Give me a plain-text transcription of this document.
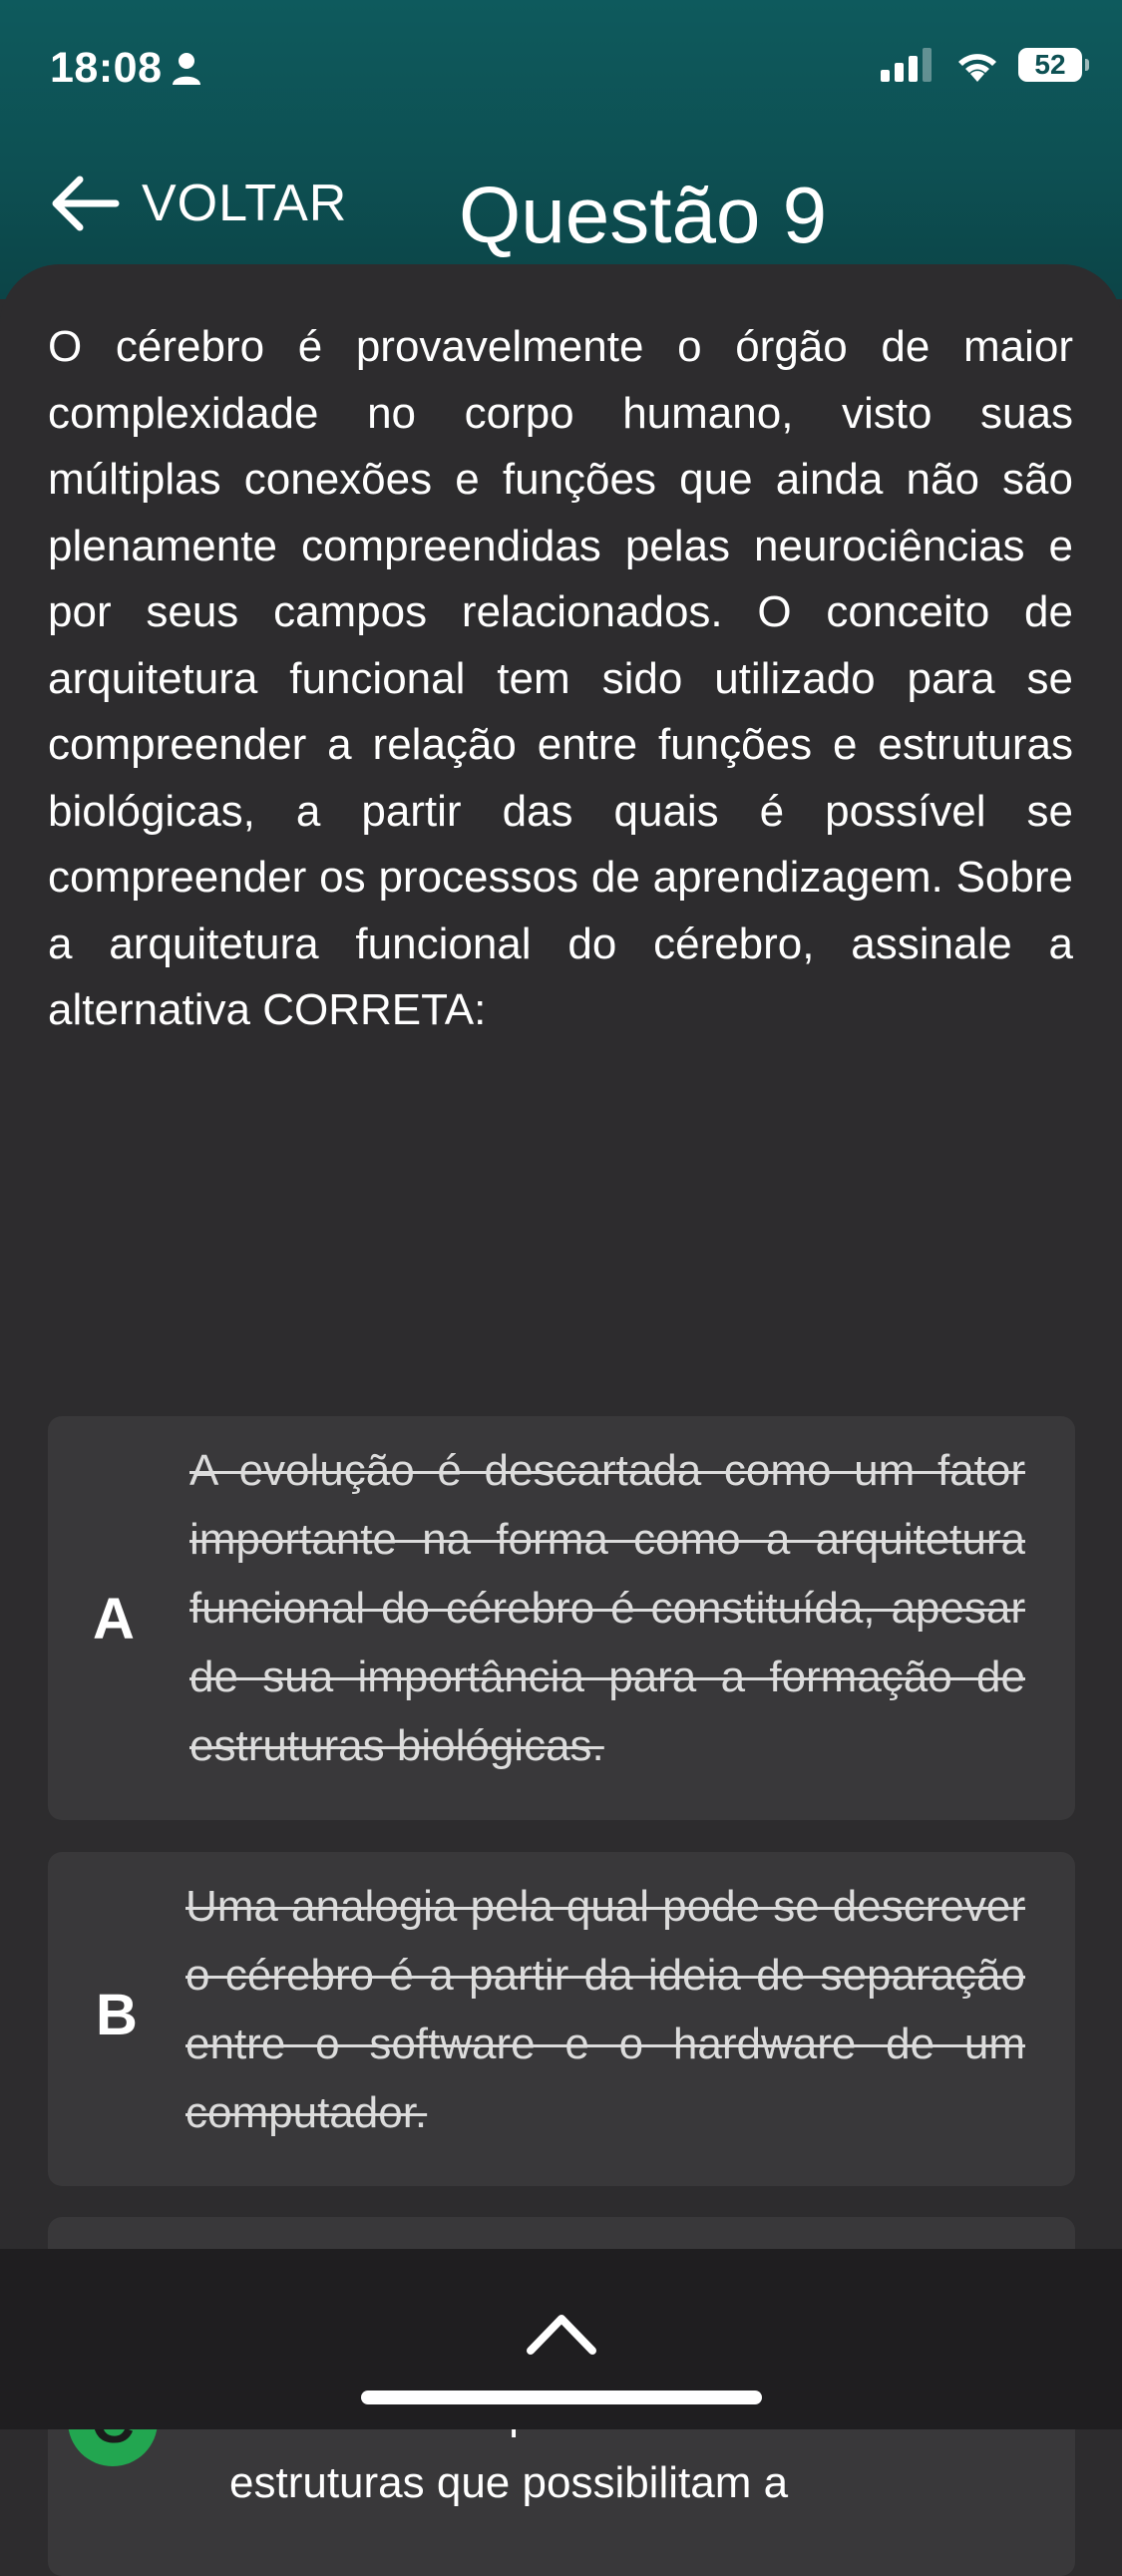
18:08	52
VOLTAR Questão 9
O cérebro é provavelmente o órgão de maior complexidade no corpo humano, visto suas múltiplas conexões e funções que ainda não são plenamente compreendidas pelas neurociências e por seus campos relacionados. O conceito de arquitetura funcional tem sido utilizado para se compreender a relação entre funções e estruturas biológicas, a partir das quais é possível se compreender os processos de aprendizagem. Sobre a arquitetura funcional do cérebro, assinale a alternativa CORRETA:
A
A evolução é descartada como um fator importante na forma como a arquitetura funcional do cérebro é constituída, apesar de sua importância para a formação de estruturas biológicas.
B
Uma analogia pela qual pode se descrever o cérebro é a partir da ideia de separação entre o software e o hardware de um computador.
estruturas que possibilitam a
